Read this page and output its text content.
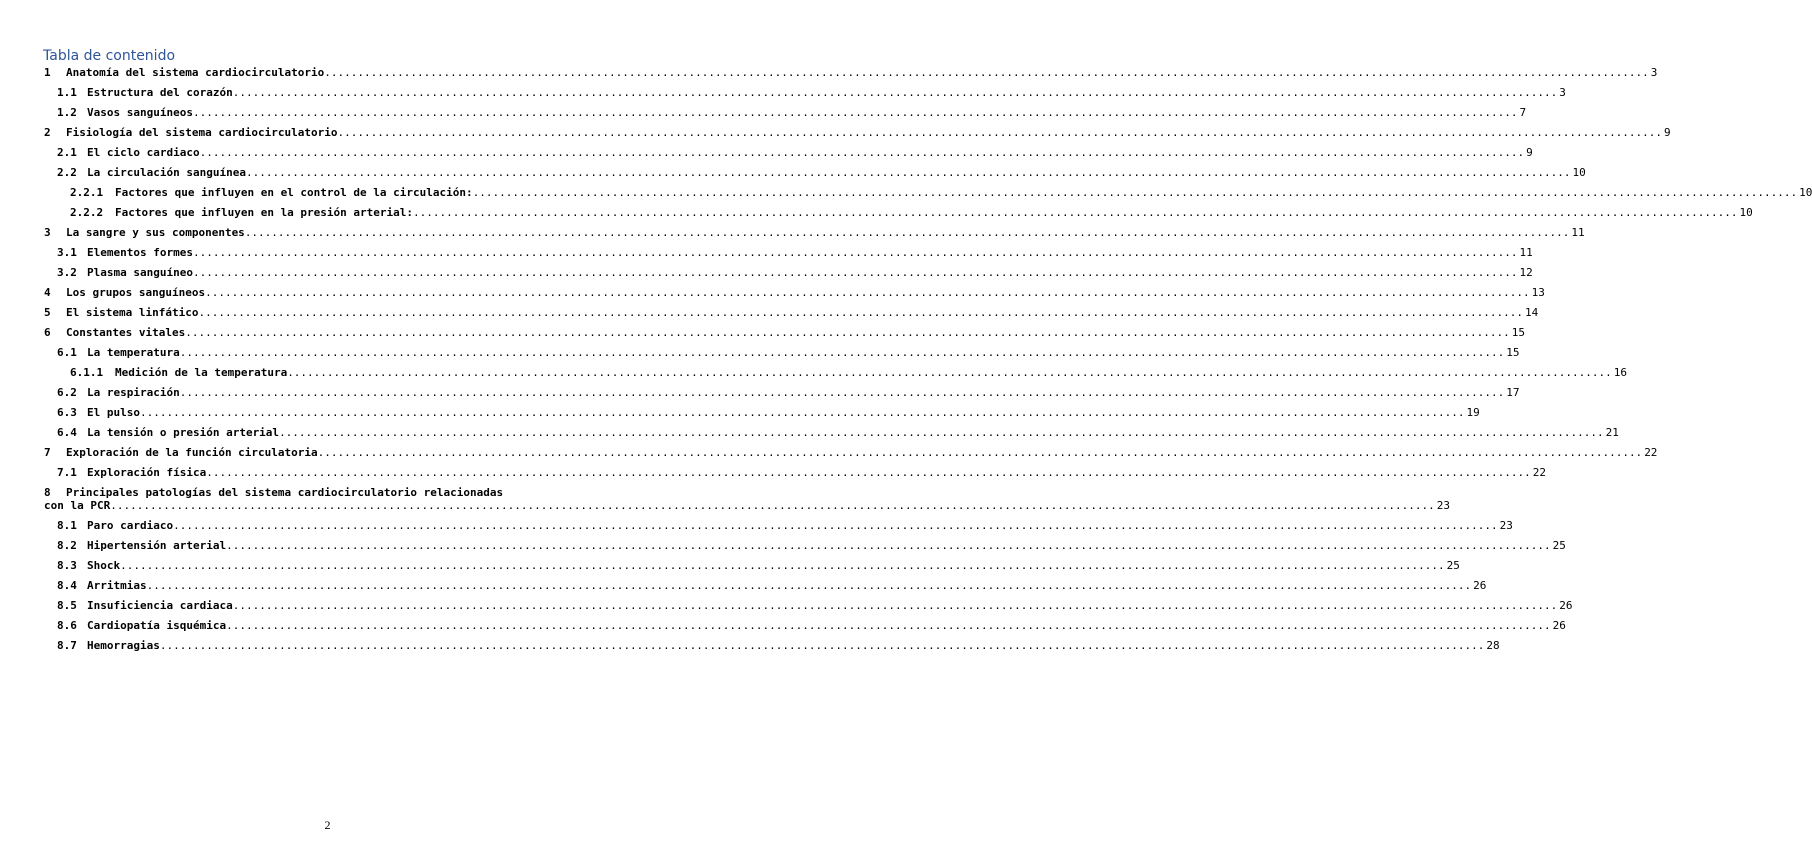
Tabla de contenido
1	Anatomía del sistema cardiocirculatorio ........................................................................................................................................................................................................ 3
1.1 Estructura del corazón ........................................................................................................................................................................................................ 3
1.2 Vasos sanguíneos ........................................................................................................................................................................................................ 7
2	Fisiología del sistema cardiocirculatorio ........................................................................................................................................................................................................ 9
2.1 El ciclo cardiaco ........................................................................................................................................................................................................ 9
2.2 La circulación sanguínea ........................................................................................................................................................................................................ 10
2.2.1	Factores que influyen en el control de la circulación: ........................................................................................................................................................................................................ 10
2.2.2	Factores que influyen en la presión arterial: ........................................................................................................................................................................................................ 10
3	La sangre y sus componentes ........................................................................................................................................................................................................ 11
3.1 Elementos formes ........................................................................................................................................................................................................ 11
3.2 Plasma sanguíneo ........................................................................................................................................................................................................ 12
4	Los grupos sanguíneos ........................................................................................................................................................................................................ 13
5	El sistema linfático ........................................................................................................................................................................................................ 14
6	Constantes vitales ........................................................................................................................................................................................................ 15
6.1 La temperatura ........................................................................................................................................................................................................ 15
6.1.1	Medición de la temperatura ........................................................................................................................................................................................................ 16
6.2 La respiración ........................................................................................................................................................................................................ 17
6.3 El pulso ........................................................................................................................................................................................................ 19
6.4 La tensión o presión arterial ........................................................................................................................................................................................................ 21
7	Exploración de la función circulatoria ........................................................................................................................................................................................................ 22
7.1 Exploración física ........................................................................................................................................................................................................ 22
8 Principales patologías del sistema cardiocirculatorio relacionadas
con la PCR ........................................................................................................................................................................................................ 23
8.1 Paro cardiaco ........................................................................................................................................................................................................ 23
8.2 Hipertensión arterial ........................................................................................................................................................................................................ 25
8.3 Shock ........................................................................................................................................................................................................ 25
8.4 Arritmias ........................................................................................................................................................................................................ 26
8.5 Insuficiencia cardiaca ........................................................................................................................................................................................................ 26
8.6 Cardiopatía isquémica ........................................................................................................................................................................................................ 26
8.7 Hemorragias ........................................................................................................................................................................................................ 28
2
